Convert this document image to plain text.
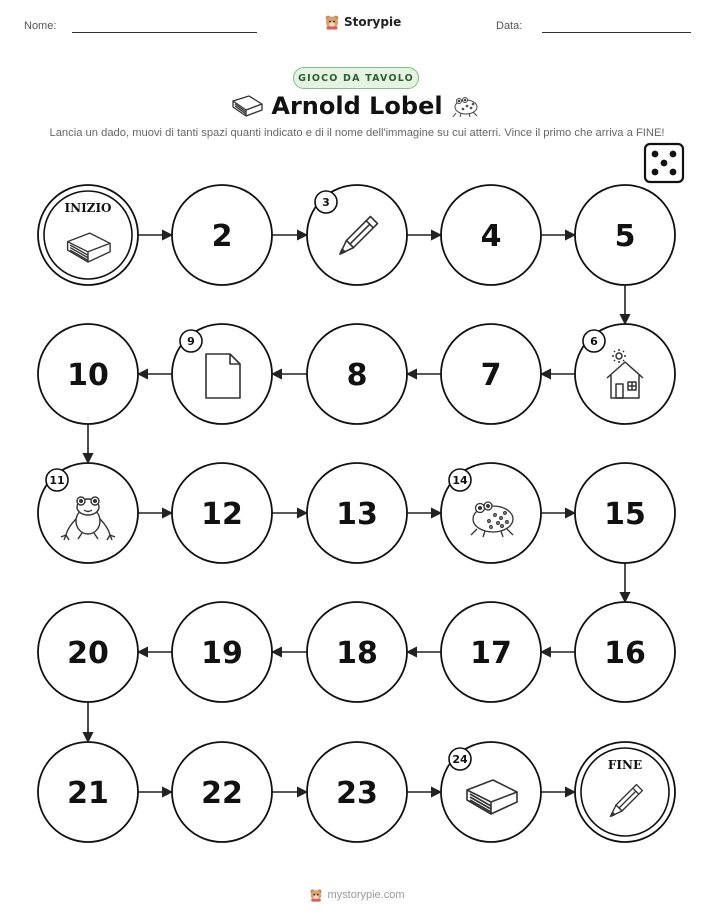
Nome:	Storypie	Data:
GIOCO DA TAVOLO
Arnold Lobel
Lancia un dado, muovi di tanti spazi quanti indicato e di il nome dell'immagine su cui atterri. Vince il primo che arriva a FINE!
INIZIO
2
3
4	5
6
7
8
9
10
11
12	13
14
15
16
17
18
19
20
21	22	23
24	FINE
mystorypie.com
